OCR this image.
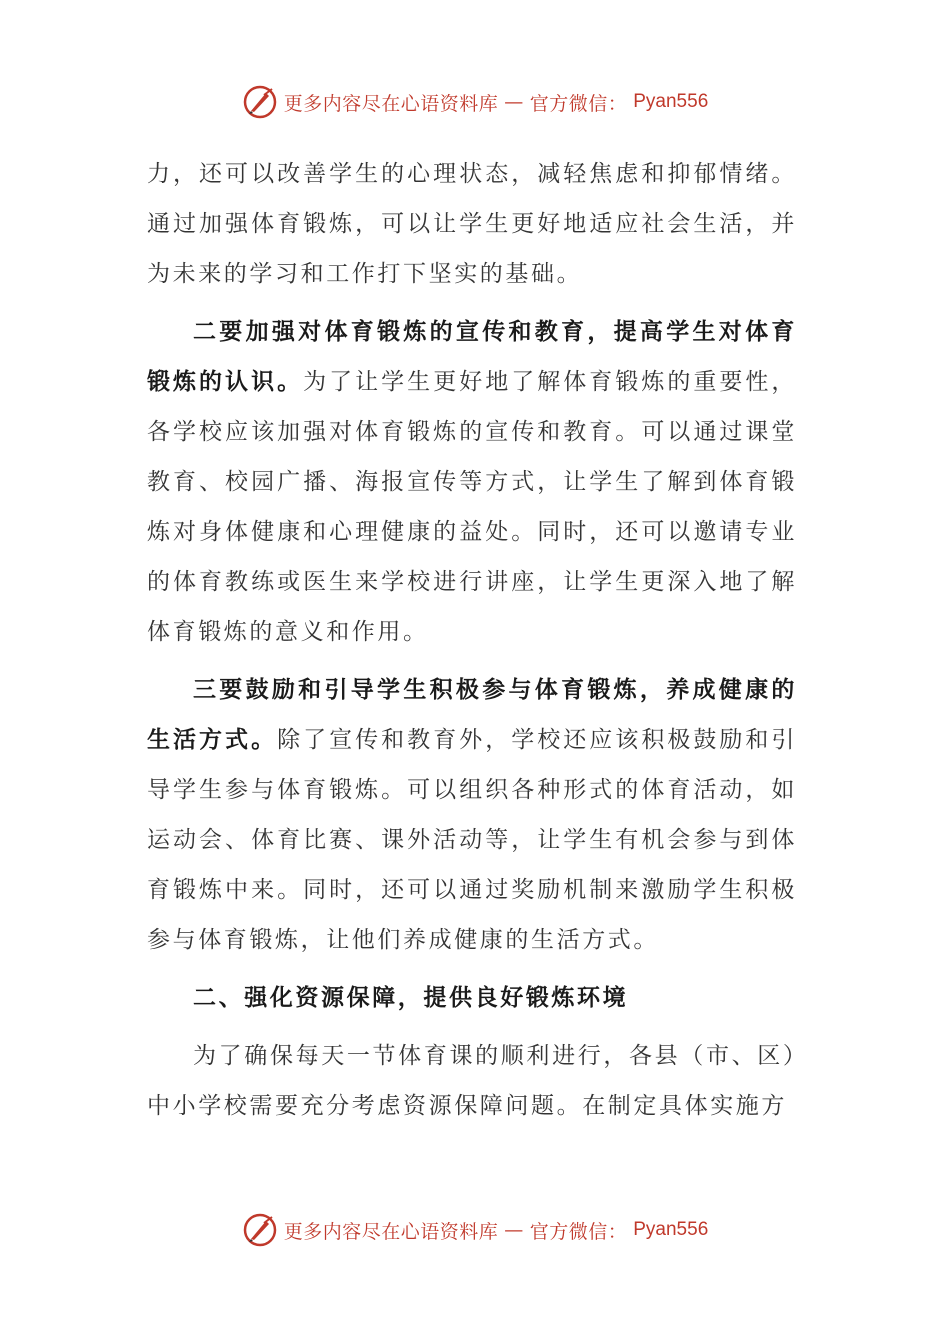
更多内容尽在心语资料库 — 官方微信： Pyan556

力，还可以改善学生的心理状态，减轻焦虑和抑郁情绪。通过加强体育锻炼，可以让学生更好地适应社会生活，并为未来的学习和工作打下坚实的基础。

二要加强对体育锻炼的宣传和教育，提高学生对体育锻炼的认识。为了让学生更好地了解体育锻炼的重要性，各学校应该加强对体育锻炼的宣传和教育。可以通过课堂教育、校园广播、海报宣传等方式，让学生了解到体育锻炼对身体健康和心理健康的益处。同时，还可以邀请专业的体育教练或医生来学校进行讲座，让学生更深入地了解体育锻炼的意义和作用。

三要鼓励和引导学生积极参与体育锻炼，养成健康的生活方式。除了宣传和教育外，学校还应该积极鼓励和引导学生参与体育锻炼。可以组织各种形式的体育活动，如运动会、体育比赛、课外活动等，让学生有机会参与到体育锻炼中来。同时，还可以通过奖励机制来激励学生积极参与体育锻炼，让他们养成健康的生活方式。

二、强化资源保障，提供良好锻炼环境

为了确保每天一节体育课的顺利进行，各县（市、区）中小学校需要充分考虑资源保障问题。在制定具体实施方

更多内容尽在心语资料库 — 官方微信： Pyan556
